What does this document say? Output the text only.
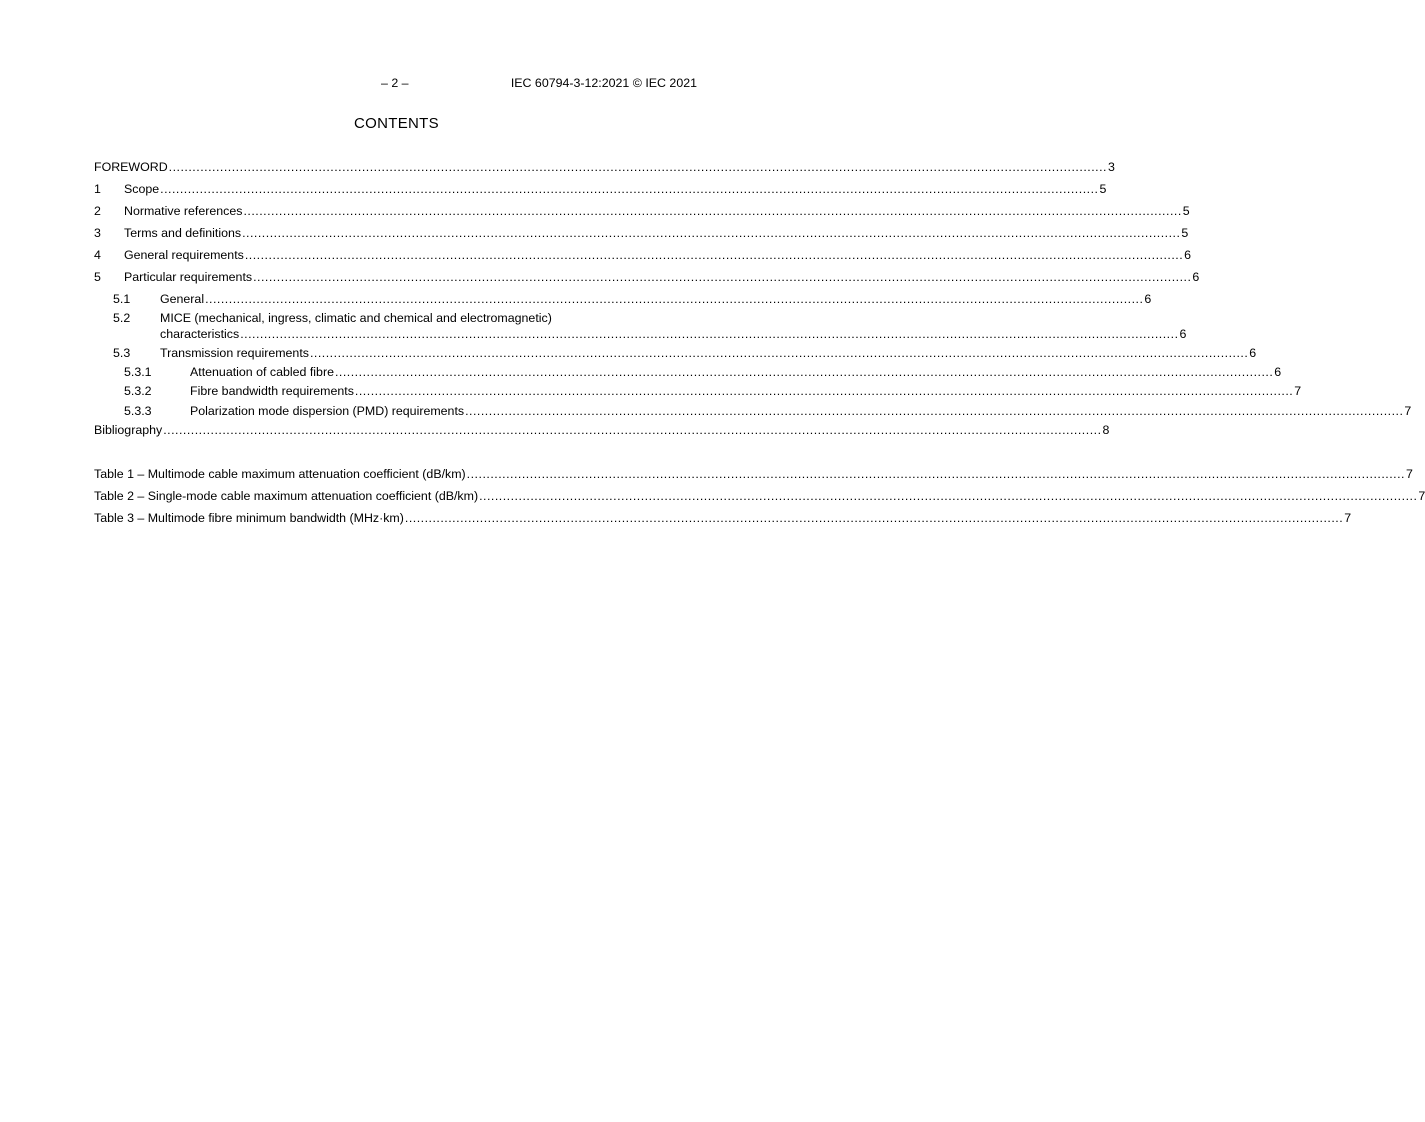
– 2 –	IEC 60794-3-12:2021 © IEC 2021
CONTENTS
FOREWORD .............................................................................................................................................................................................................................................. 3
1 Scope .............................................................................................................................................................................................................................................. 5
2 Normative references .............................................................................................................................................................................................................................................. 5
3 Terms and definitions .............................................................................................................................................................................................................................................. 5
4 General requirements .............................................................................................................................................................................................................................................. 6
5 Particular requirements .............................................................................................................................................................................................................................................. 6
5.1 General .............................................................................................................................................................................................................................................. 6
5.2 MICE (mechanical, ingress, climatic and chemical and electromagnetic)
characteristics .............................................................................................................................................................................................................................................. 6
5.3 Transmission requirements .............................................................................................................................................................................................................................................. 6
5.3.1	Attenuation of cabled fibre .............................................................................................................................................................................................................................................. 6
5.3.2	Fibre bandwidth requirements .............................................................................................................................................................................................................................................. 7
5.3.3	Polarization mode dispersion (PMD) requirements .............................................................................................................................................................................................................................................. 7
Bibliography .............................................................................................................................................................................................................................................. 8
Table 1 – Multimode cable maximum attenuation coefficient (dB/km) .............................................................................................................................................................................................................................................. 7
Table 2 – Single-mode cable maximum attenuation coefficient (dB/km) .............................................................................................................................................................................................................................................. 7
Table 3 – Multimode fibre minimum bandwidth (MHz·km) .............................................................................................................................................................................................................................................. 7
